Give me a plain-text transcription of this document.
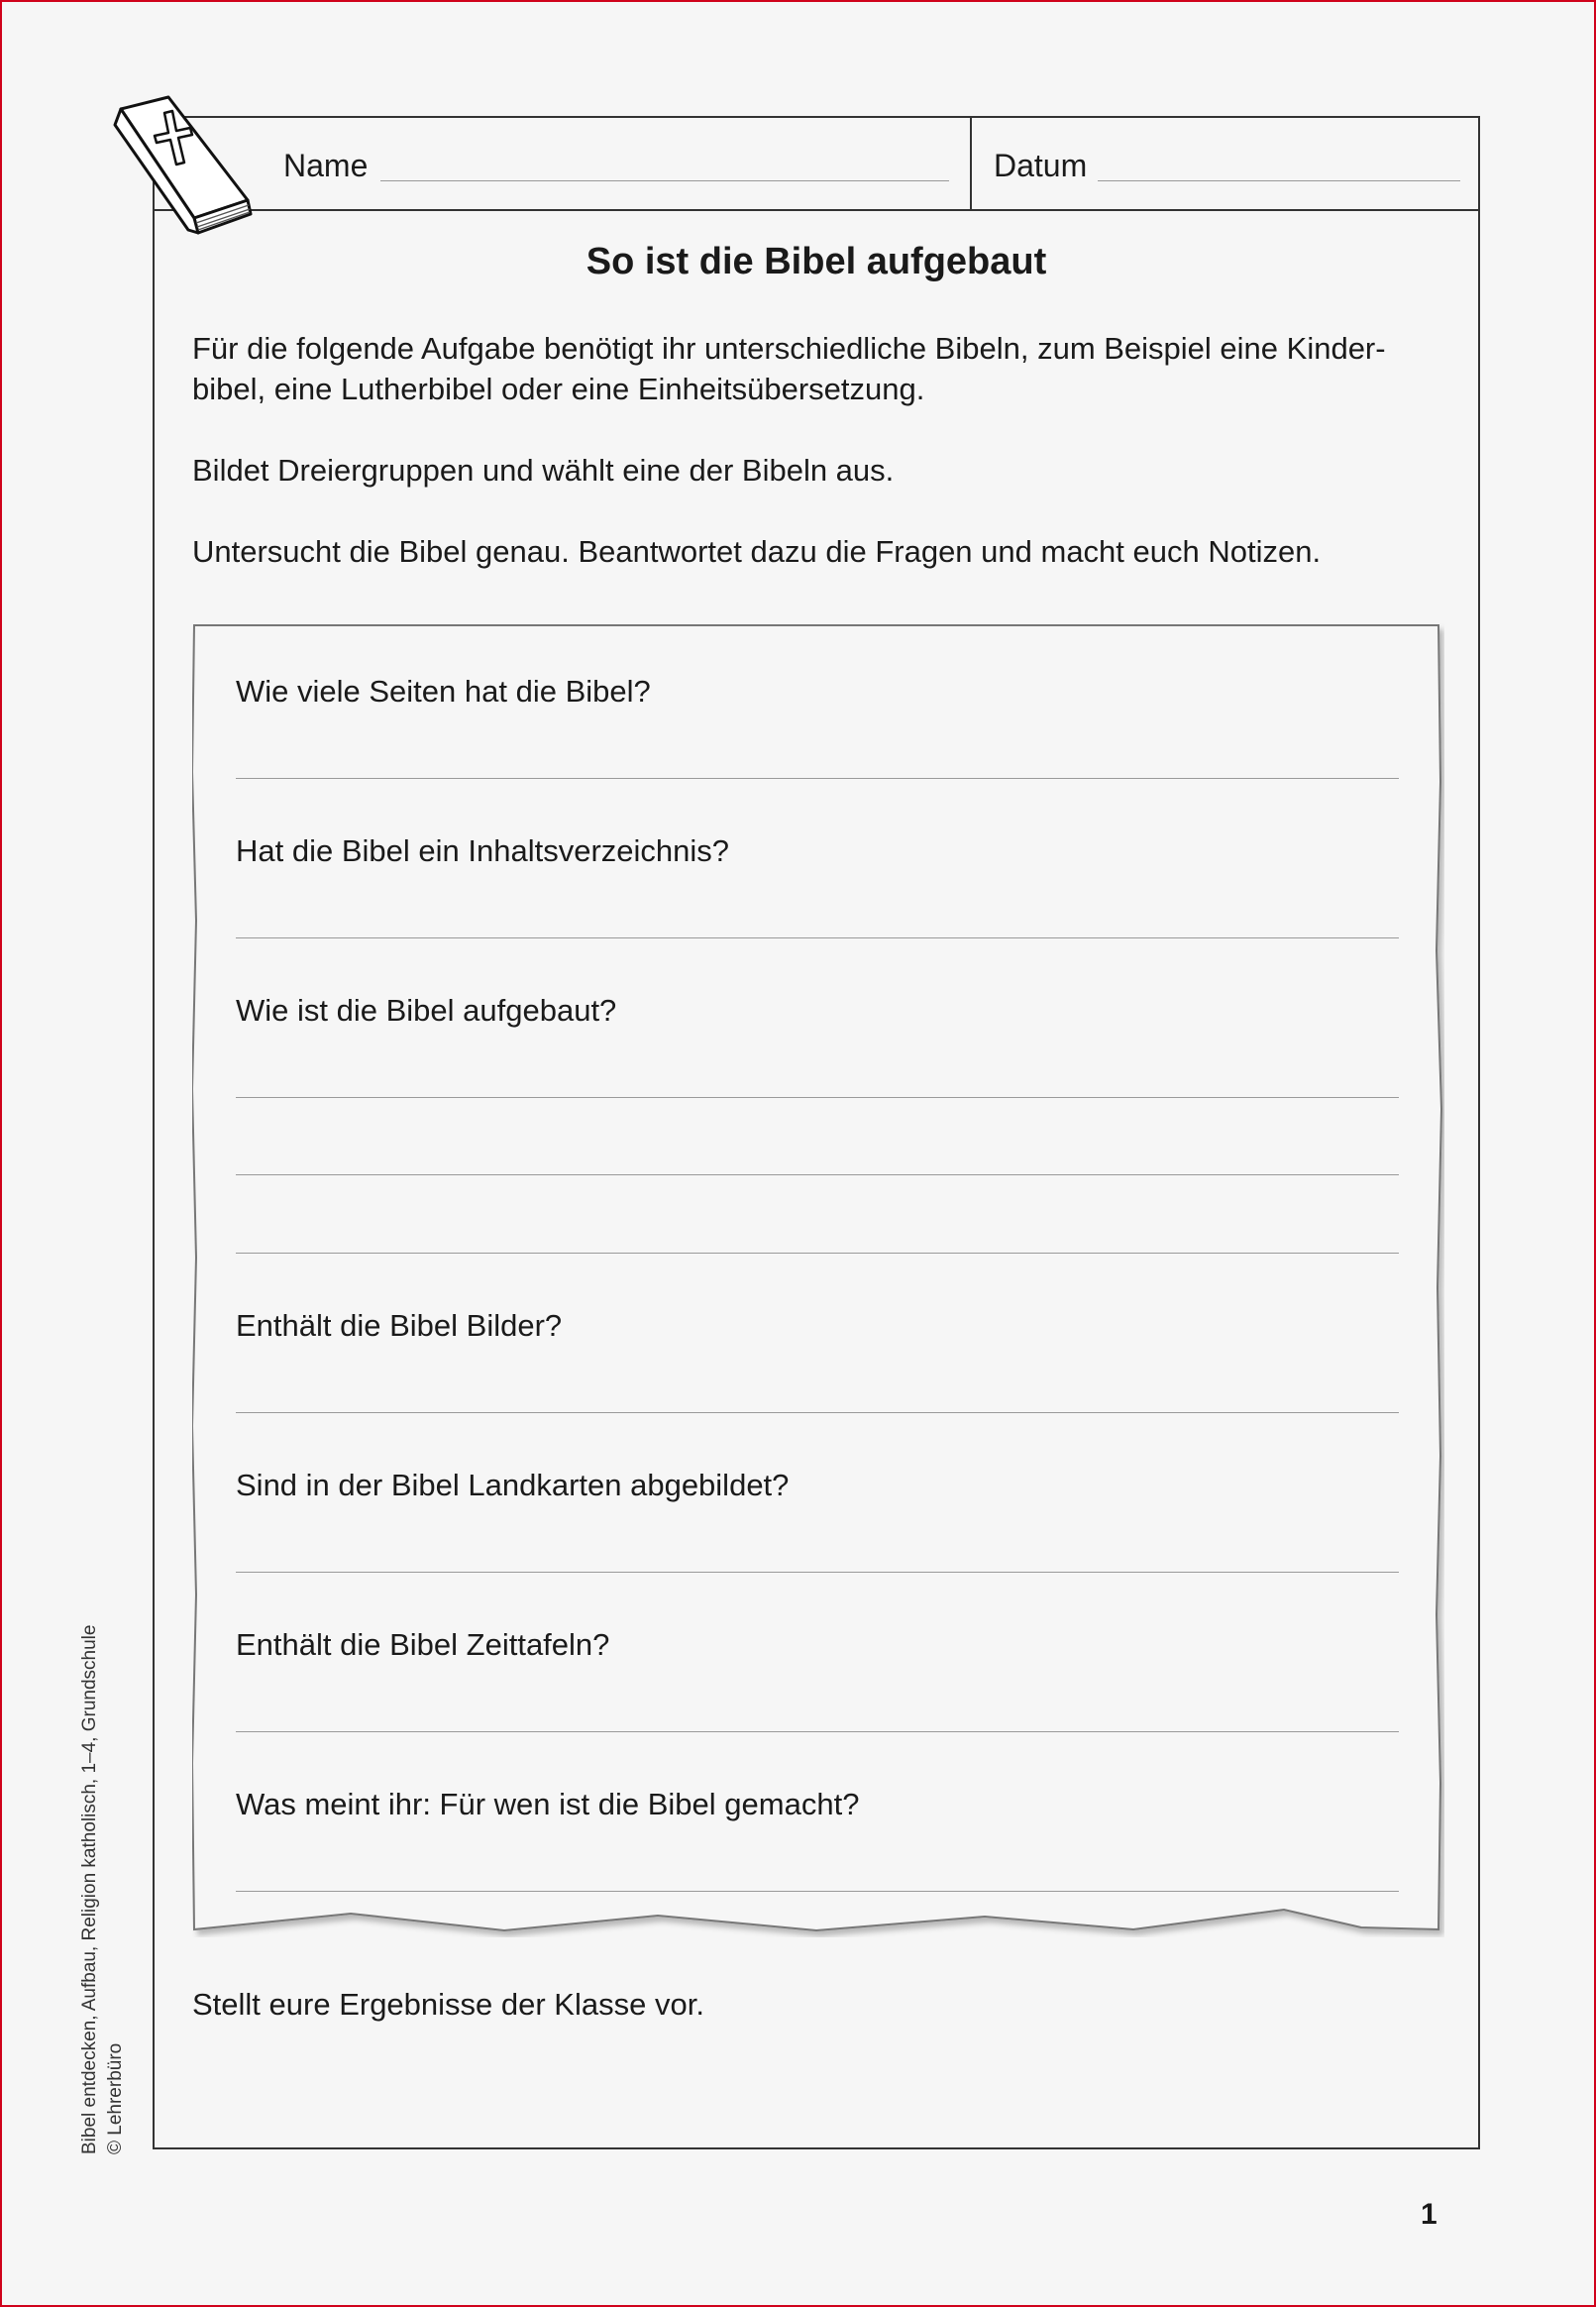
Name	Datum
So ist die Bibel aufgebaut
Für die folgende Aufgabe benötigt ihr unterschiedliche Bibeln, zum Beispiel eine Kinder-
bibel, eine Lutherbibel oder eine Einheitsübersetzung.
Bildet Dreiergruppen und wählt eine der Bibeln aus.
Untersucht die Bibel genau. Beantwortet dazu die Fragen und macht euch Notizen.
Wie viele Seiten hat die Bibel?
Hat die Bibel ein Inhaltsverzeichnis?
Wie ist die Bibel aufgebaut?
Enthält die Bibel Bilder?
Sind in der Bibel Landkarten abgebildet?
Enthält die Bibel Zeittafeln?
Was meint ihr: Für wen ist die Bibel gemacht?
Stellt eure Ergebnisse der Klasse vor.
Bibel entdecken, Aufbau, Religion katholisch, 1–4, Grundschule © Lehrerbüro
1
